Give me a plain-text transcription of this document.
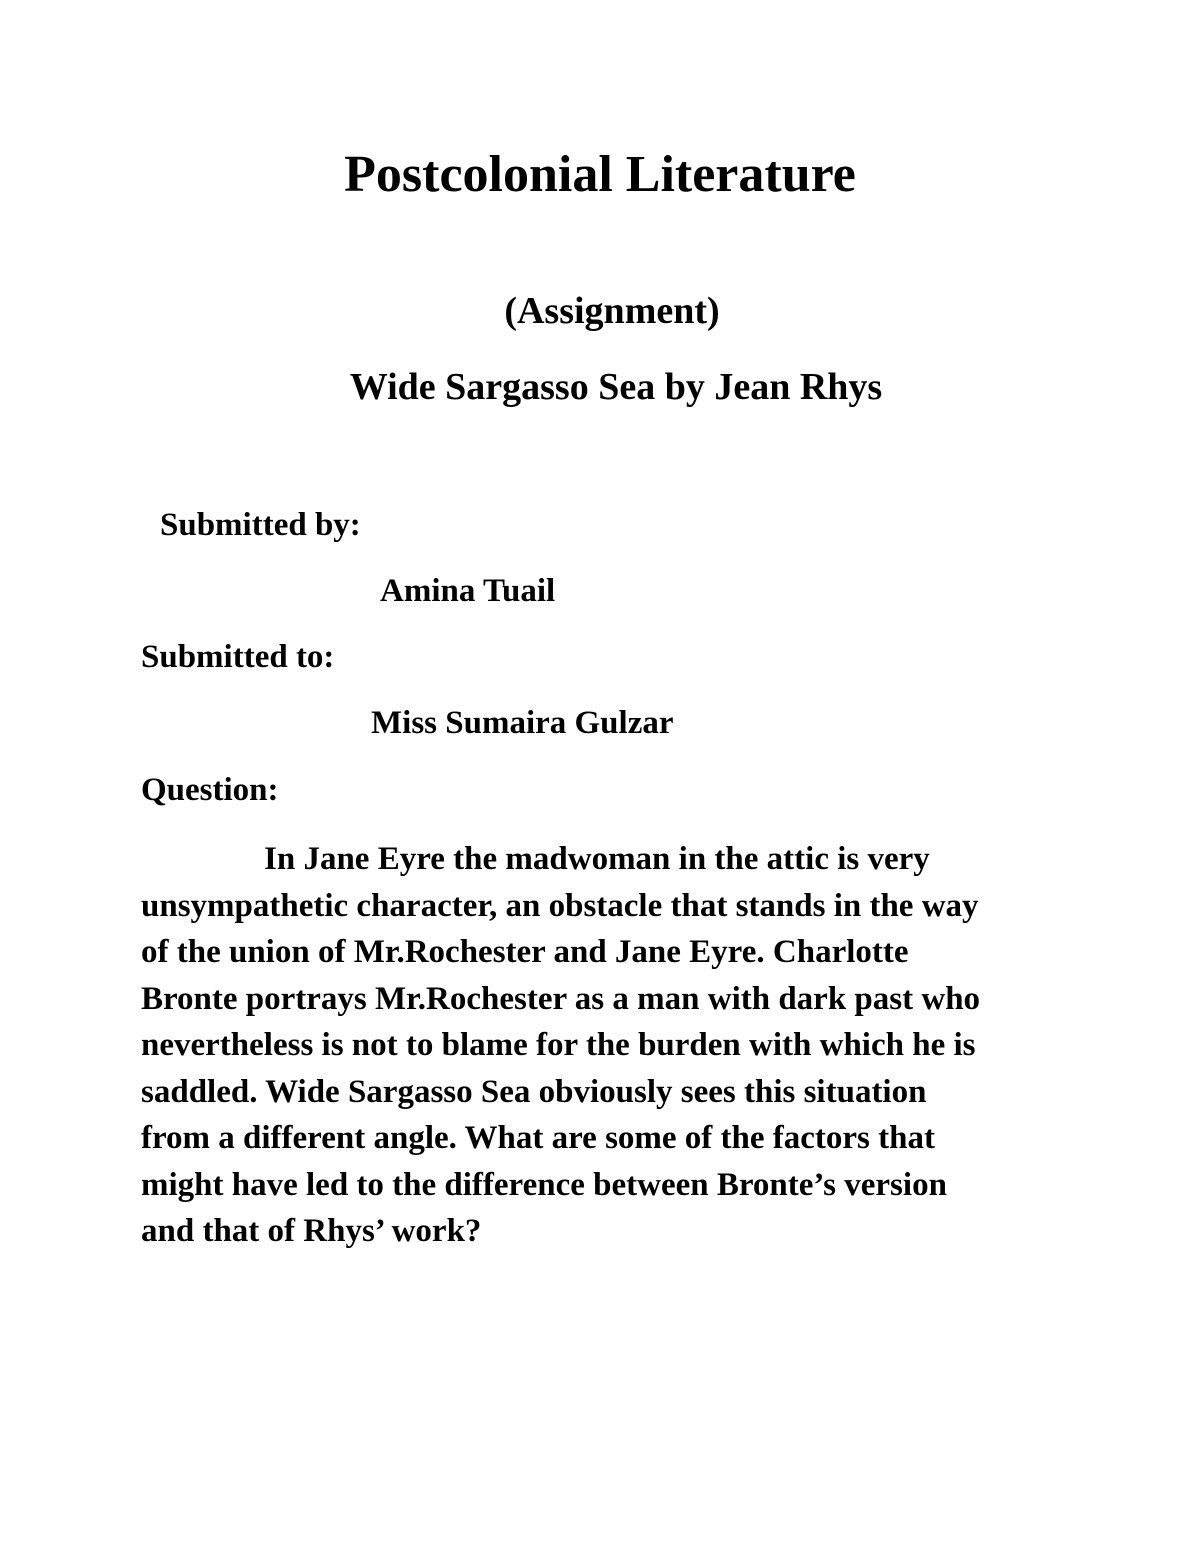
Postcolonial Literature
(Assignment)
Wide Sargasso Sea by Jean Rhys
Submitted by:
Amina Tuail
Submitted to:
Miss Sumaira Gulzar
Question:
In Jane Eyre the madwoman in the attic is very
unsympathetic character, an obstacle that stands in the way
of the union of Mr.Rochester and Jane Eyre. Charlotte
Bronte portrays Mr.Rochester as a man with dark past who
nevertheless is not to blame for the burden with which he is
saddled. Wide Sargasso Sea obviously sees this situation
from a different angle. What are some of the factors that
might have led to the difference between Bronte’s version
and that of Rhys’ work?
